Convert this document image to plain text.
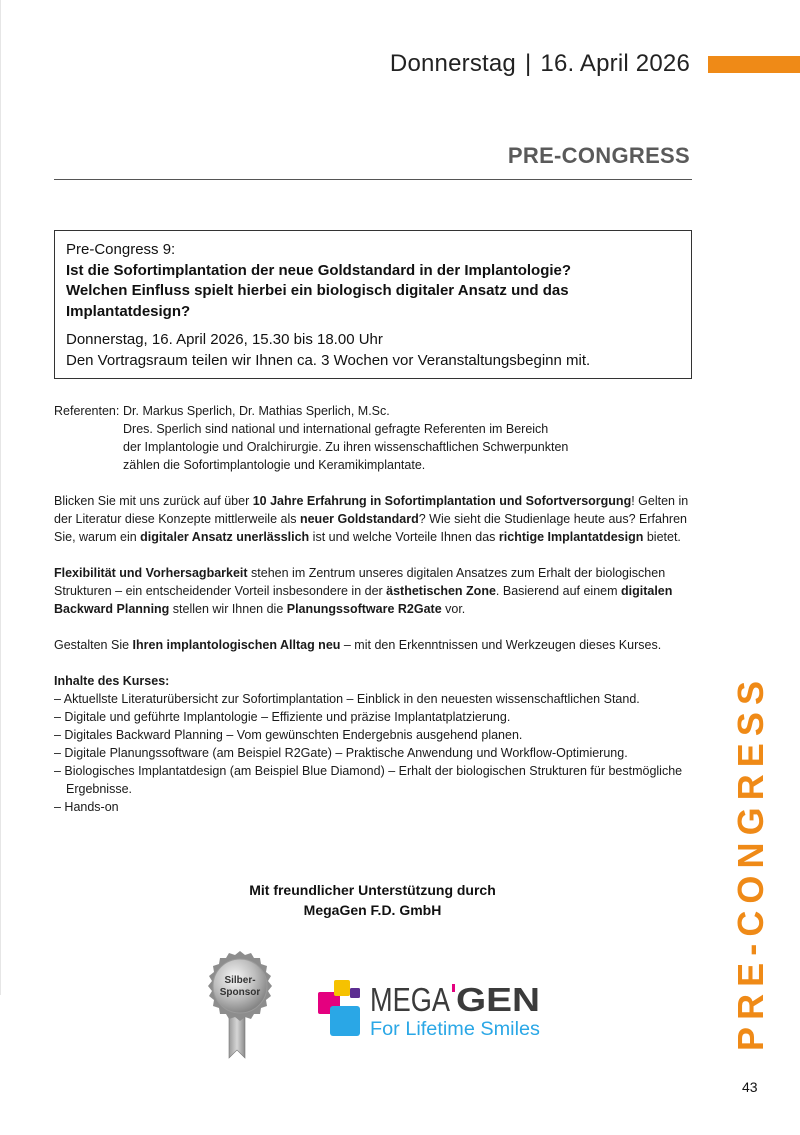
Donnerstag | 16. April 2026
PRE-CONGRESS
Pre-Congress 9:
Ist die Sofortimplantation der neue Goldstandard in der Implantologie?
Welchen Einfluss spielt hierbei ein biologisch digitaler Ansatz und das
Implantatdesign?
Donnerstag, 16. April 2026, 15.30 bis 18.00 Uhr
Den Vortragsraum teilen wir Ihnen ca. 3 Wochen vor Veranstaltungsbeginn mit.
Referenten: Dr. Markus Sperlich, Dr. Mathias Sperlich, M.Sc.
Dres. Sperlich sind national und international gefragte Referenten im Bereich
der Implantologie und Oralchirurgie. Zu ihren wissenschaftlichen Schwerpunkten
zählen die Sofortimplantologie und Keramikimplantate.
Blicken Sie mit uns zurück auf über 10 Jahre Erfahrung in Sofortimplantation und Sofortversorgung! Gelten in der Literatur diese Konzepte mittlerweile als neuer Goldstandard? Wie sieht die Studienlage heute aus? Erfahren Sie, warum ein digitaler Ansatz unerlässlich ist und welche Vorteile Ihnen das richtige Implantatdesign bietet.
Flexibilität und Vorhersagbarkeit stehen im Zentrum unseres digitalen Ansatzes zum Erhalt der biologischen Strukturen – ein entscheidender Vorteil insbesondere in der ästhetischen Zone. Basierend auf einem digitalen Backward Planning stellen wir Ihnen die Planungssoftware R2Gate vor.
Gestalten Sie Ihren implantologischen Alltag neu – mit den Erkenntnissen und Werkzeugen dieses Kurses.
Inhalte des Kurses:
– Aktuellste Literaturübersicht zur Sofortimplantation – Einblick in den neuesten wissenschaftlichen Stand.
– Digitale und geführte Implantologie – Effiziente und präzise Implantatplatzierung.
– Digitales Backward Planning – Vom gewünschten Endergebnis ausgehend planen.
– Digitale Planungssoftware (am Beispiel R2Gate) – Praktische Anwendung und Workflow-Optimierung.
– Biologisches Implantatdesign (am Beispiel Blue Diamond) – Erhalt der biologischen Strukturen für bestmögliche Ergebnisse.
– Hands-on
Mit freundlicher Unterstützung durch
MegaGen F.D. GmbH
Silber-
Sponsor	MEGA GEN
For Lifetime Smiles	PRE-CONGRESS
43
